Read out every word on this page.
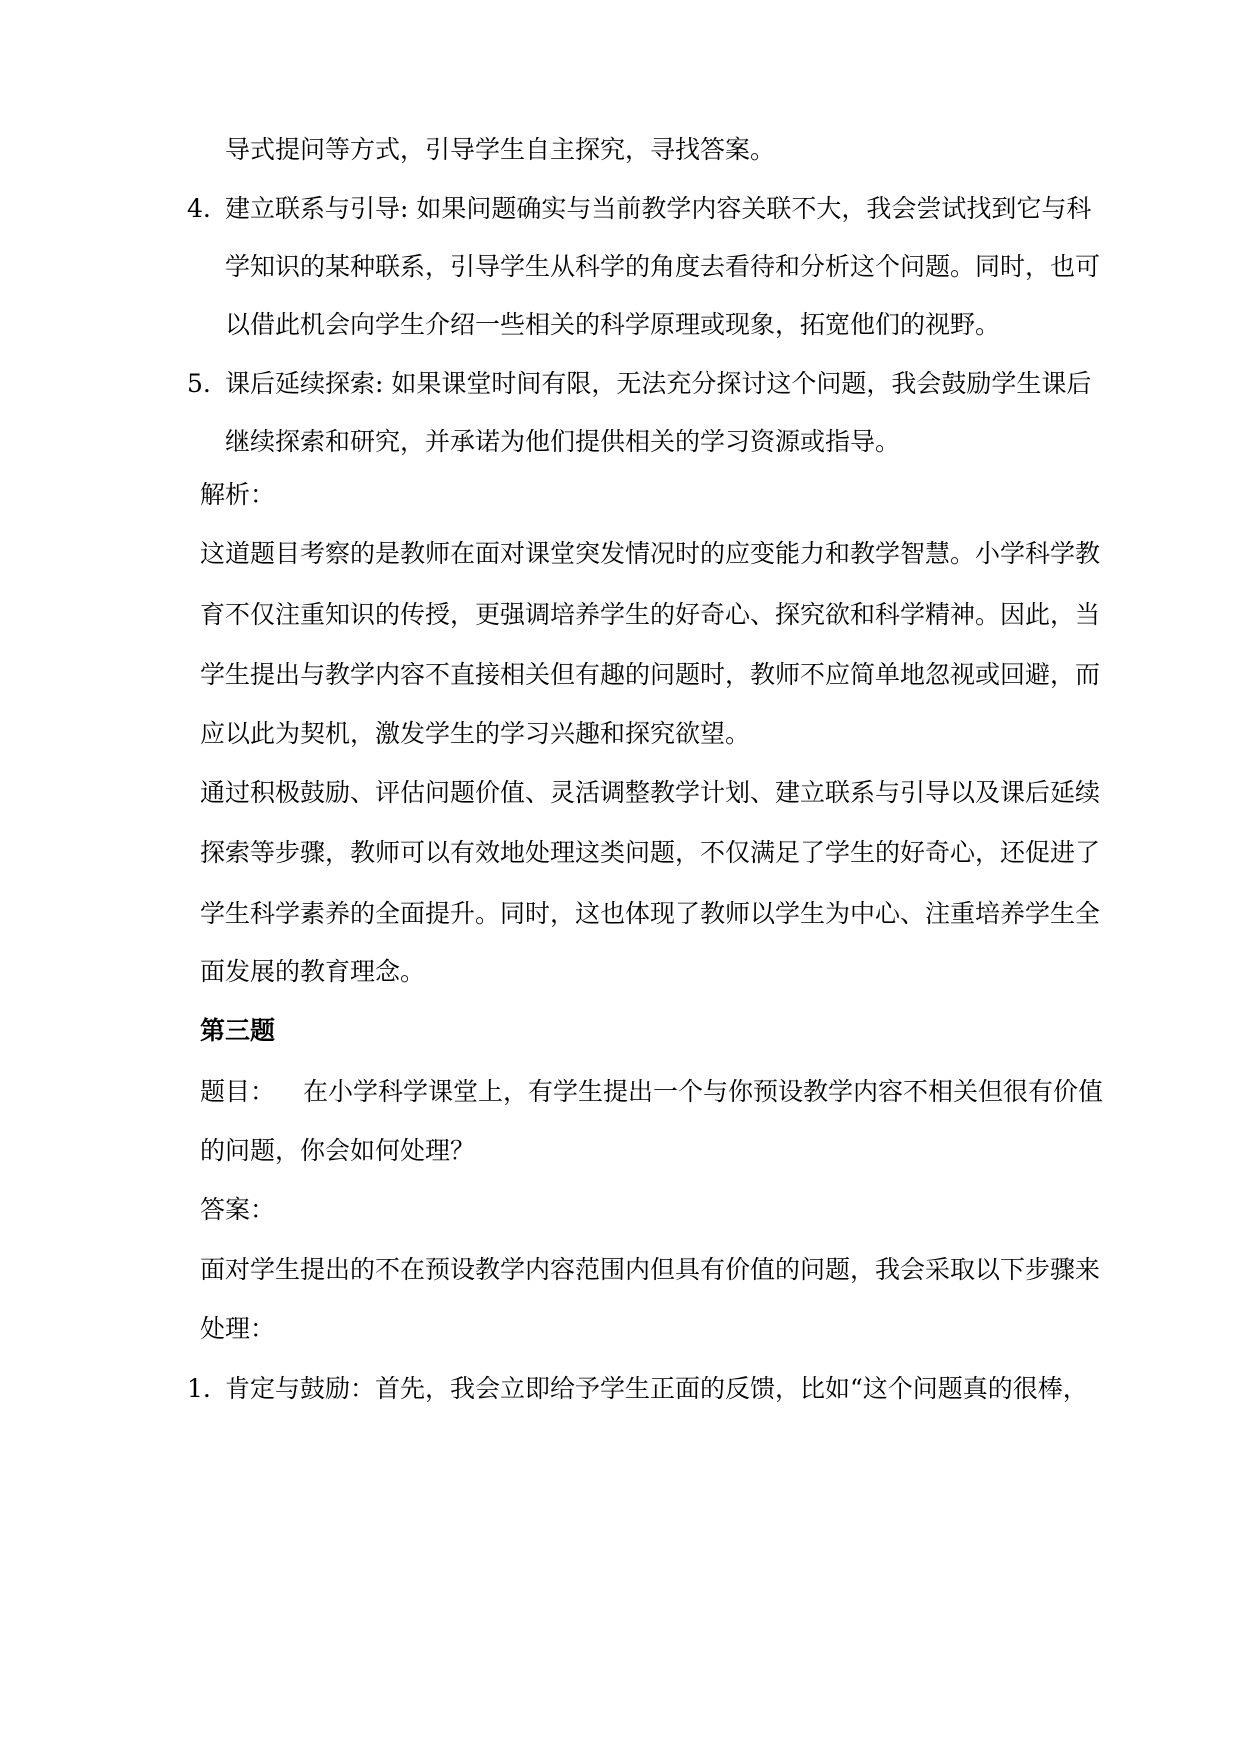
导式提问等方式，引导学生自主探究，寻找答案。
4. 建立联系与引导: 如果问题确实与当前教学内容关联不大，我会尝试找到它与科
学知识的某种联系，引导学生从科学的角度去看待和分析这个问题。同时，也可
以借此机会向学生介绍一些相关的科学原理或现象，拓宽他们的视野。
5. 课后延续探索: 如果课堂时间有限，无法充分探讨这个问题，我会鼓励学生课后
继续探索和研究，并承诺为他们提供相关的学习资源或指导。
解析：
这道题目考察的是教师在面对课堂突发情况时的应变能力和教学智慧。小学科学教
育不仅注重知识的传授，更强调培养学生的好奇心、探究欲和科学精神。因此，当
学生提出与教学内容不直接相关但有趣的问题时，教师不应简单地忽视或回避，而
应以此为契机，激发学生的学习兴趣和探究欲望。
通过积极鼓励、评估问题价值、灵活调整教学计划、建立联系与引导以及课后延续
探索等步骤，教师可以有效地处理这类问题，不仅满足了学生的好奇心，还促进了
学生科学素养的全面提升。同时，这也体现了教师以学生为中心、注重培养学生全
面发展的教育理念。
第三题
题目： 在小学科学课堂上，有学生提出一个与你预设教学内容不相关但很有价值
的问题，你会如何处理？
答案：
面对学生提出的不在预设教学内容范围内但具有价值的问题，我会采取以下步骤来
处理：
1. 肯定与鼓励：首先，我会立即给予学生正面的反馈，比如“这个问题真的很棒，
